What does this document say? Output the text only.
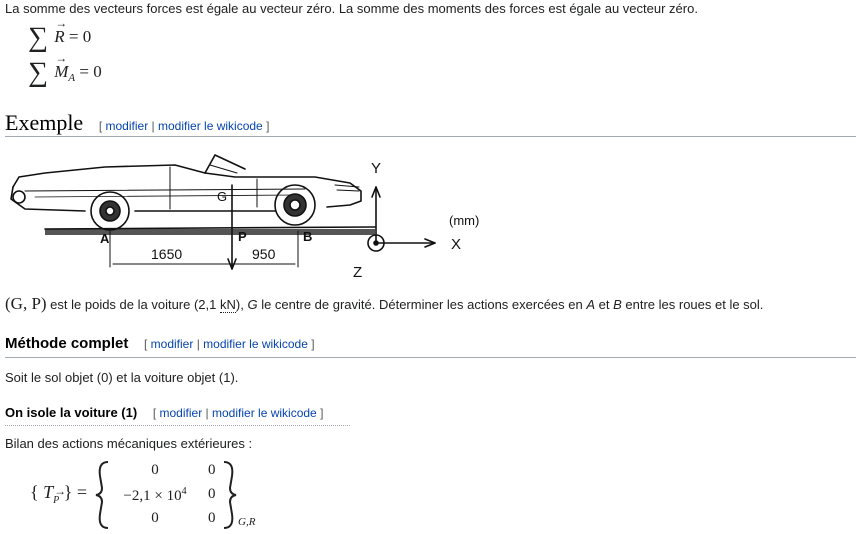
La somme des vecteurs forces est égale au vecteur zéro. La somme des moments des forces est égale au vecteur zéro.
∑ → R = 0
∑ → $M_A = 0$
Exemple [ modifier | modifier le wikicode ]
G
A	B
P
1650	950
Y
X
Z
(mm)
(G, P) est le poids de la voiture (2,1 kN), G le centre de gravité. Déterminer les actions exercées en A et B entre les roues et le sol.
Méthode complet [ modifier | modifier le wikicode ]
Soit le sol objet (0) et la voiture objet (1).
On isole la voiture (1) [ modifier | modifier le wikicode ]
Bilan des actions mécaniques extérieures :
{ T→ P } =
0	0
$-2,1 \times 10^4$	0
0	0 G,R
